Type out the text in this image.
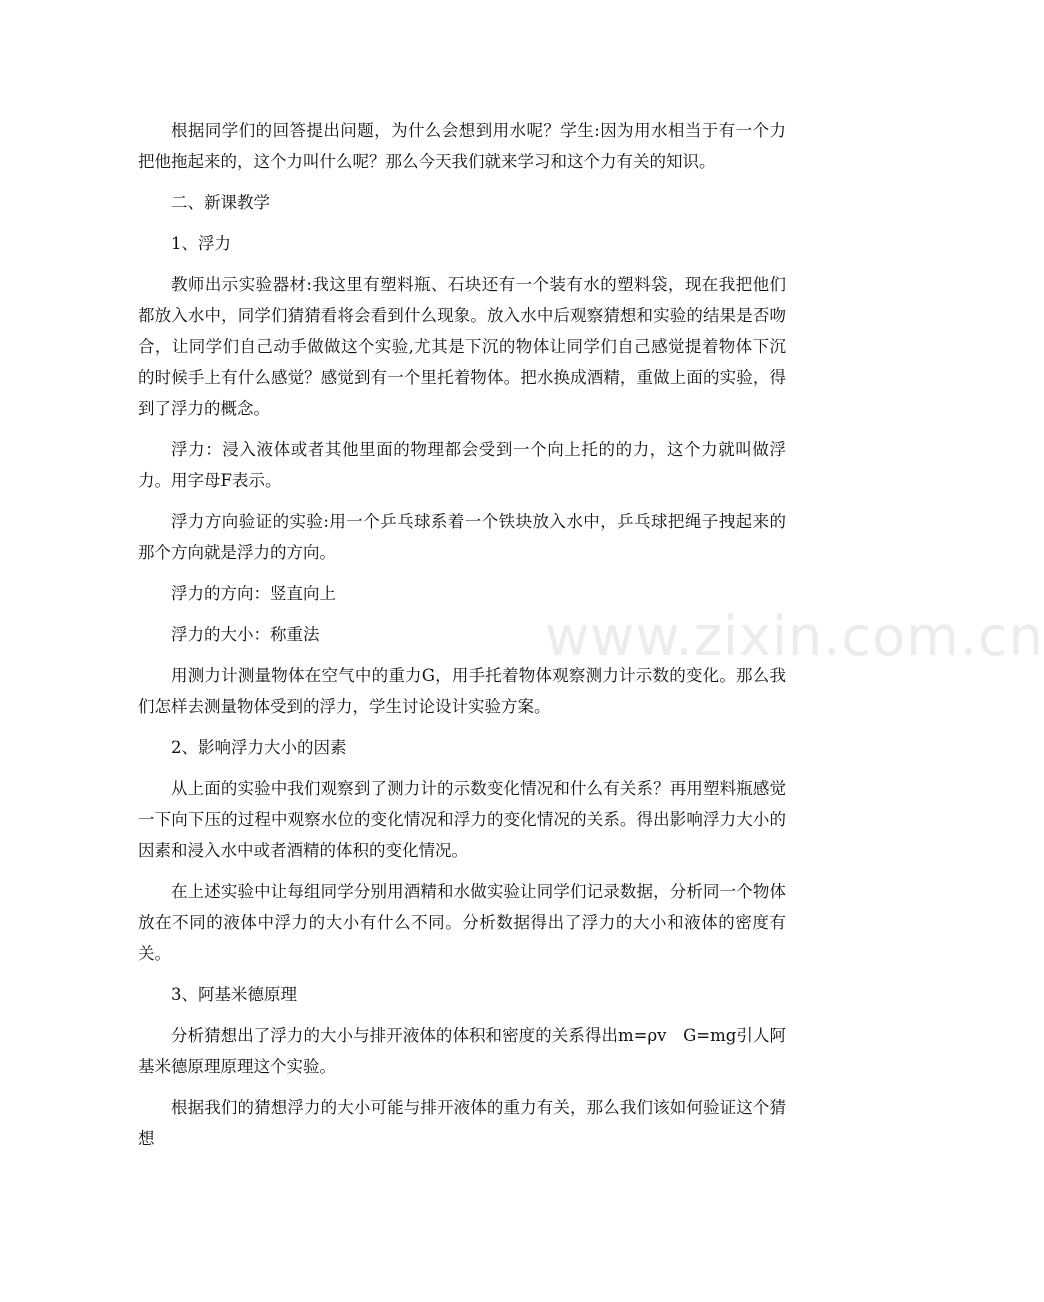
www.zixin.com.cn

根据同学们的回答提出问题，为什么会想到用水呢？学生:因为用水相当于有一个力把他拖起来的，这个力叫什么呢？那么今天我们就来学习和这个力有关的知识。

二、新课教学

1、浮力

教师出示实验器材:我这里有塑料瓶、石块还有一个装有水的塑料袋，现在我把他们都放入水中，同学们猜猜看将会看到什么现象。放入水中后观察猜想和实验的结果是否吻合，让同学们自己动手做做这个实验,尤其是下沉的物体让同学们自己感觉提着物体下沉的时候手上有什么感觉？感觉到有一个里托着物体。把水换成酒精，重做上面的实验，得到了浮力的概念。

浮力：浸入液体或者其他里面的物理都会受到一个向上托的的力，这个力就叫做浮力。用字母F表示。

浮力方向验证的实验:用一个乒乓球系着一个铁块放入水中，乒乓球把绳子拽起来的那个方向就是浮力的方向。

浮力的方向：竖直向上

浮力的大小：称重法

用测力计测量物体在空气中的重力G，用手托着物体观察测力计示数的变化。那么我们怎样去测量物体受到的浮力，学生讨论设计实验方案。

2、影响浮力大小的因素

从上面的实验中我们观察到了测力计的示数变化情况和什么有关系？再用塑料瓶感觉一下向下压的过程中观察水位的变化情况和浮力的变化情况的关系。得出影响浮力大小的因素和浸入水中或者酒精的体积的变化情况。

在上述实验中让每组同学分别用酒精和水做实验让同学们记录数据，分析同一个物体放在不同的液体中浮力的大小有什么不同。分析数据得出了浮力的大小和液体的密度有关。

3、阿基米德原理

分析猜想出了浮力的大小与排开液体的体积和密度的关系得出m=ρv　G=mg引人阿基米德原理原理这个实验。

根据我们的猜想浮力的大小可能与排开液体的重力有关，那么我们该如何验证这个猜想
